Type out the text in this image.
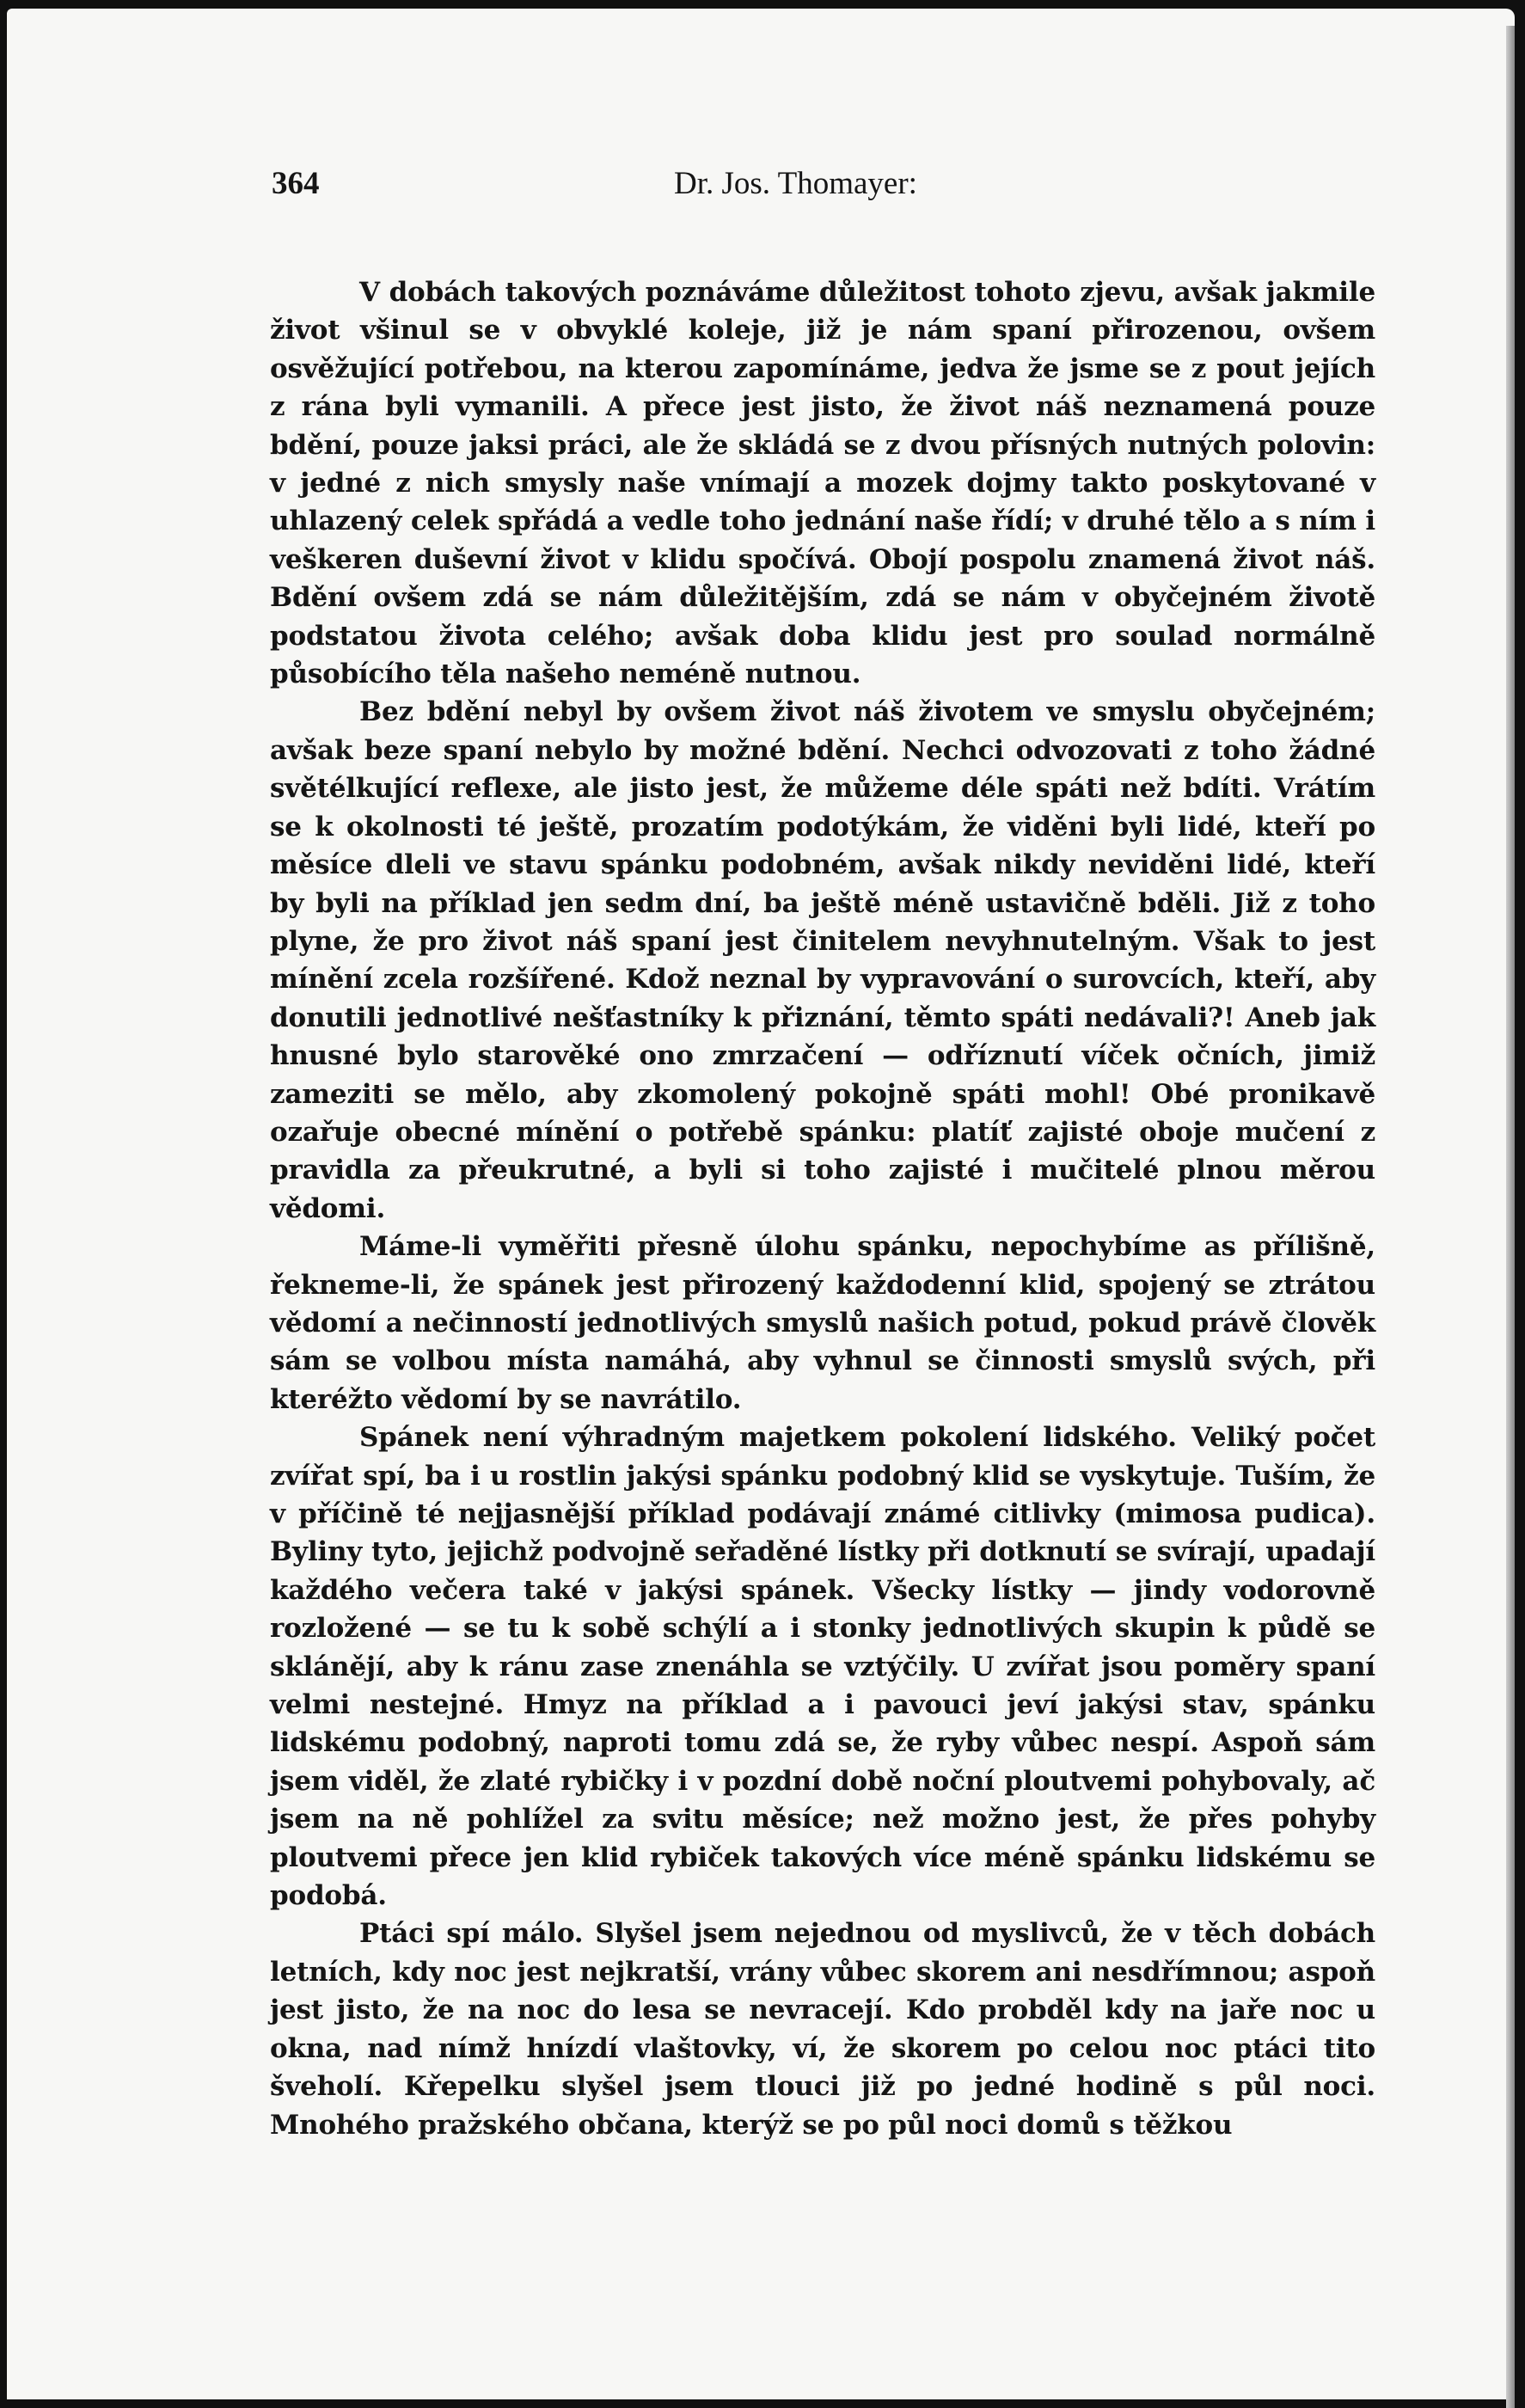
364	Dr. Jos. Thomayer:

V dobách takových poznáváme důležitost tohoto zjevu, avšak jakmile život všinul se v obvyklé koleje, již je nám spaní přirozenou, ovšem osvěžující potřebou, na kterou zapomínáme, jedva že jsme se z pout jejích z rána byli vymanili. A přece jest jisto, že život náš neznamená pouze bdění, pouze jaksi práci, ale že skládá se z dvou přísných nutných polovin: v jedné z nich smysly naše vnímají a mozek dojmy takto poskytované v uhlazený celek spřádá a vedle toho jednání naše řídí; v druhé tělo a s ním i veškeren duševní život v klidu spočívá. Obojí pospolu znamená život náš. Bdění ovšem zdá se nám důležitějším, zdá se nám v obyčejném životě podstatou života celého; avšak doba klidu jest pro soulad normálně působícího těla našeho neméně nutnou.

Bez bdění nebyl by ovšem život náš životem ve smyslu obyčejném; avšak beze spaní nebylo by možné bdění. Nechci odvozovati z toho žádné světélkující reflexe, ale jisto jest, že můžeme déle spáti než bdíti. Vrátím se k okolnosti té ještě, prozatím podotýkám, že viděni byli lidé, kteří po měsíce dleli ve stavu spánku podobném, avšak nikdy neviděni lidé, kteří by byli na příklad jen sedm dní, ba ještě méně ustavičně bděli. Již z toho plyne, že pro život náš spaní jest činitelem nevyhnutelným. Však to jest mínění zcela rozšířené. Kdož neznal by vypravování o surovcích, kteří, aby donutili jednotlivé nešťastníky k přiznání, těmto spáti nedávali?! Aneb jak hnusné bylo starověké ono zmrzačení — odříznutí víček očních, jimiž zameziti se mělo, aby zkomolený pokojně spáti mohl! Obé pronikavě ozařuje obecné mínění o potřebě spánku: platíť zajisté oboje mučení z pravidla za přeukrutné, a byli si toho zajisté i mučitelé plnou měrou vědomi.

Máme-li vyměřiti přesně úlohu spánku, nepochybíme as přílišně, řekneme-li, že spánek jest přirozený každodenní klid, spojený se ztrátou vědomí a nečinností jednotlivých smyslů našich potud, pokud právě člověk sám se volbou místa namáhá, aby vyhnul se činnosti smyslů svých, při kteréžto vědomí by se navrátilo.

Spánek není výhradným majetkem pokolení lidského. Veliký počet zvířat spí, ba i u rostlin jakýsi spánku podobný klid se vyskytuje. Tuším, že v příčině té nejjasnější příklad podávají známé citlivky (mimosa pudica). Byliny tyto, jejichž podvojně seřaděné lístky při dotknutí se svírají, upadají každého večera také v jakýsi spánek. Všecky lístky — jindy vodorovně rozložené — se tu k sobě schýlí a i stonky jednotlivých skupin k půdě se sklánějí, aby k ránu zase znenáhla se vztýčily. U zvířat jsou poměry spaní velmi nestejné. Hmyz na příklad a i pavouci jeví jakýsi stav, spánku lidskému podobný, naproti tomu zdá se, že ryby vůbec nespí. Aspoň sám jsem viděl, že zlaté rybičky i v pozdní době noční ploutvemi pohybovaly, ač jsem na ně pohlížel za svitu měsíce; než možno jest, že přes pohyby ploutvemi přece jen klid rybiček takových více méně spánku lidskému se podobá.

Ptáci spí málo. Slyšel jsem nejednou od myslivců, že v těch dobách letních, kdy noc jest nejkratší, vrány vůbec skorem ani nesdřímnou; aspoň jest jisto, že na noc do lesa se nevracejí. Kdo probděl kdy na jaře noc u okna, nad nímž hnízdí vlaštovky, ví, že skorem po celou noc ptáci tito šveholí. Křepelku slyšel jsem tlouci již po jedné hodině s půl noci. Mnohého pražského občana, kterýž se po půl noci domů s těžkou
